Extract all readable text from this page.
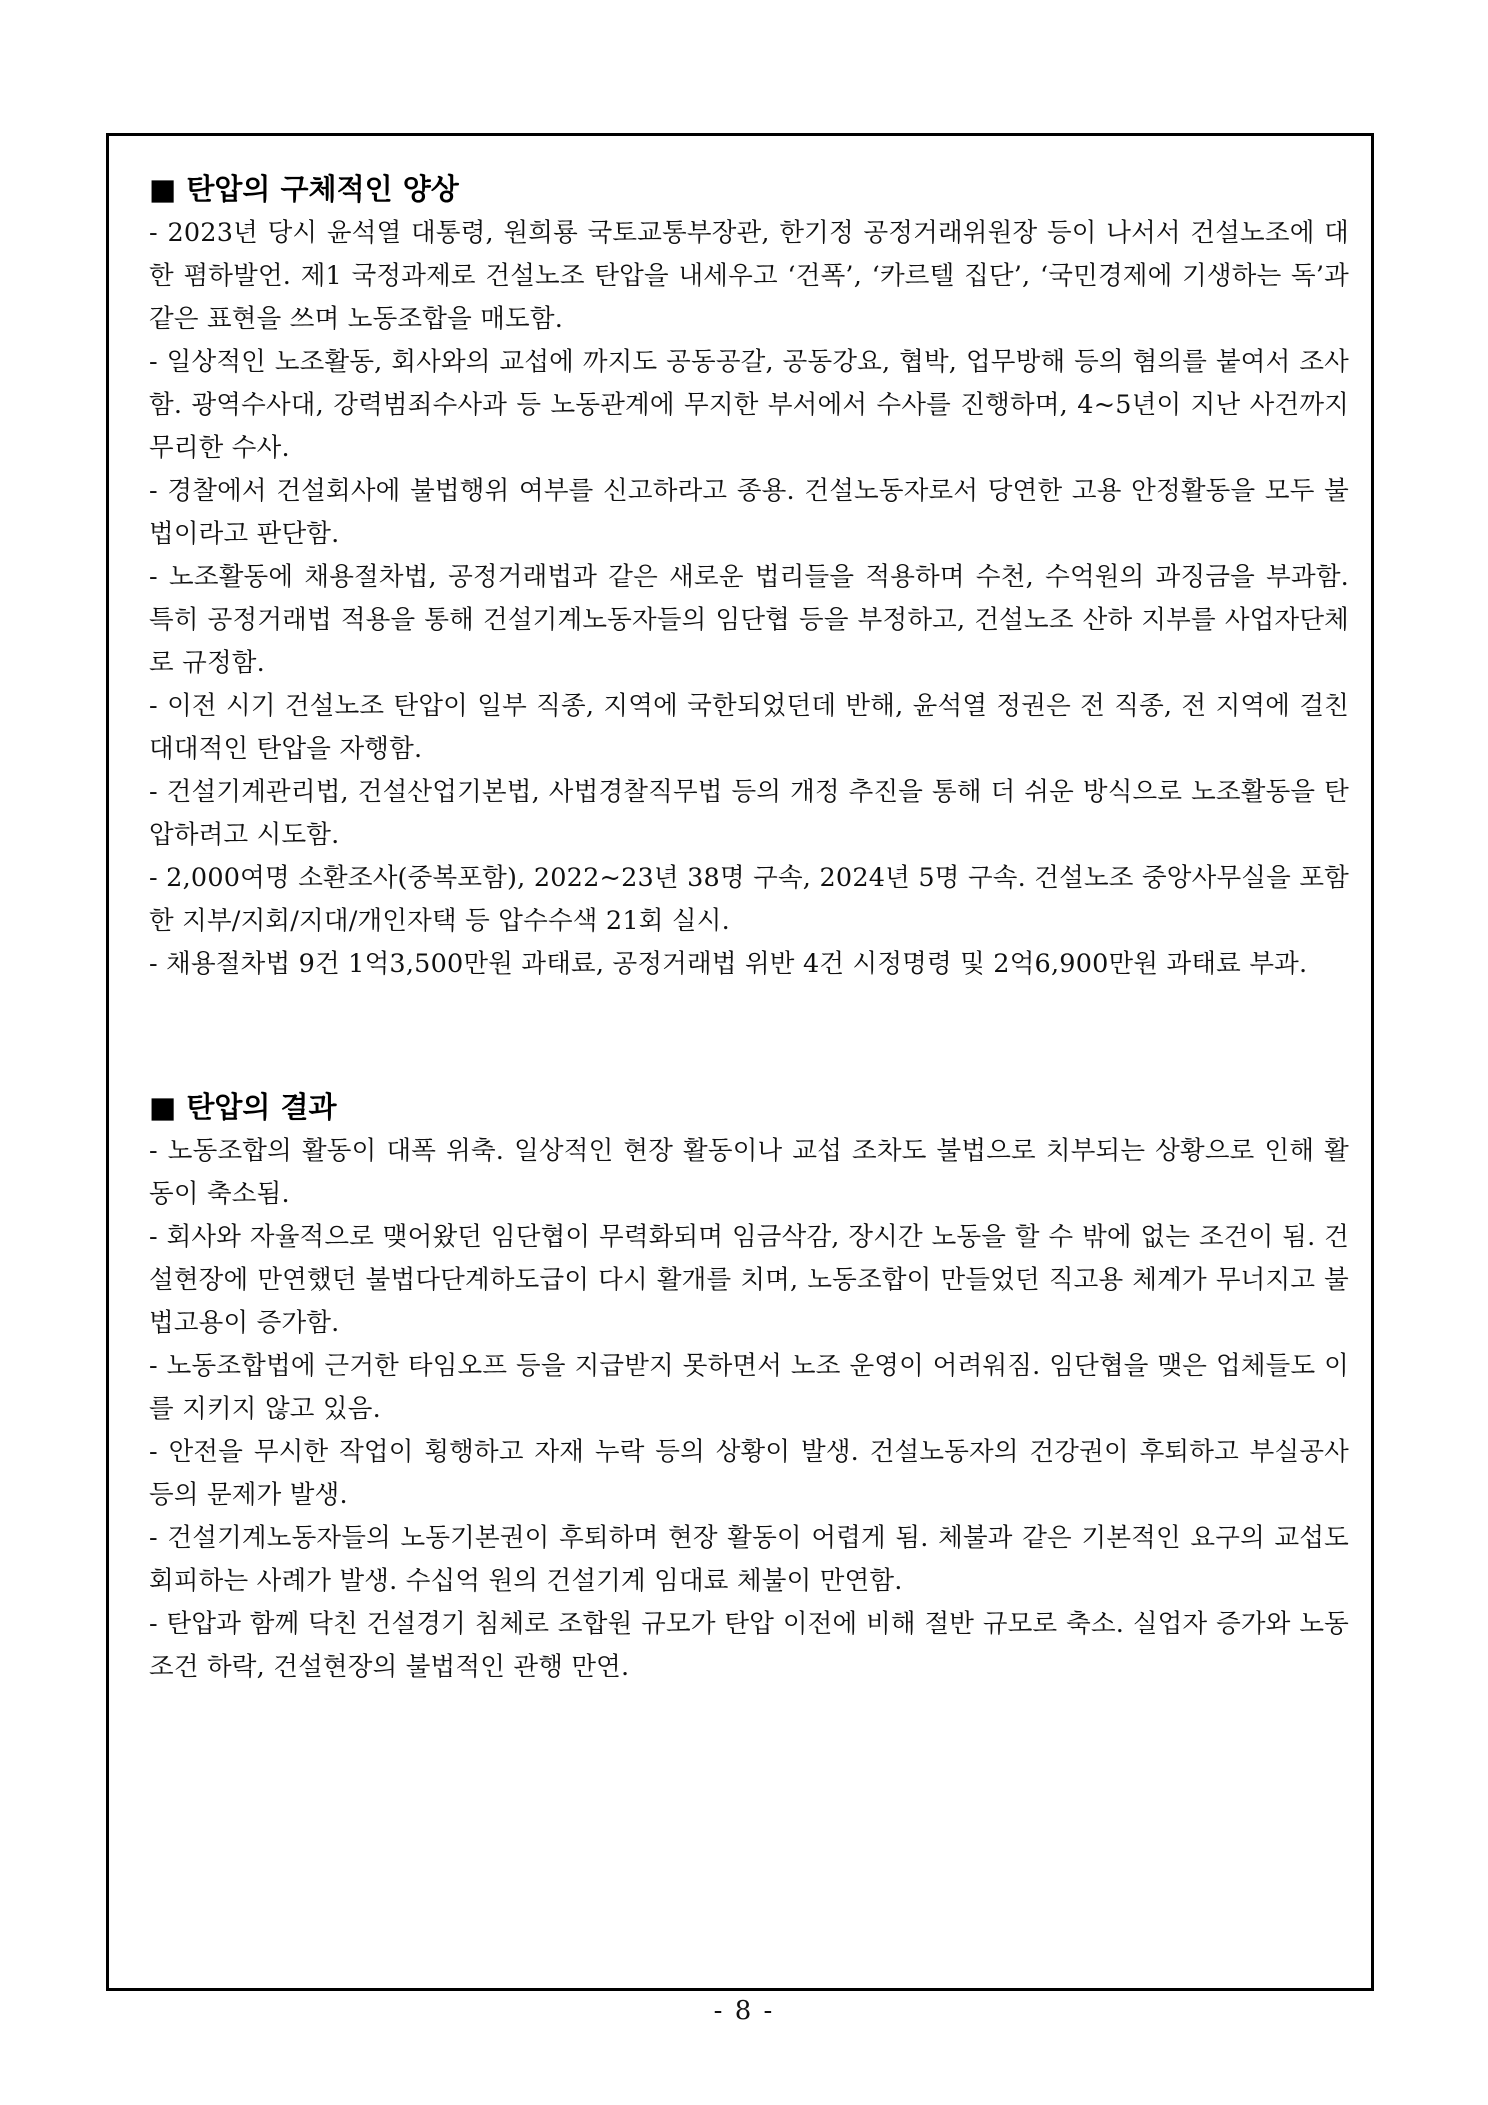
■ 탄압의 구체적인 양상

- 2023년 당시 윤석열 대통령, 원희룡 국토교통부장관, 한기정 공정거래위원장 등이 나서서 건설노조에 대한 폄하발언. 제1 국정과제로 건설노조 탄압을 내세우고 ‘건폭’, ‘카르텔 집단’, ‘국민경제에 기생하는 독’과 같은 표현을 쓰며 노동조합을 매도함.

- 일상적인 노조활동, 회사와의 교섭에 까지도 공동공갈, 공동강요, 협박, 업무방해 등의 혐의를 붙여서 조사함. 광역수사대, 강력범죄수사과 등 노동관계에 무지한 부서에서 수사를 진행하며, 4~5년이 지난 사건까지 무리한 수사.

- 경찰에서 건설회사에 불법행위 여부를 신고하라고 종용. 건설노동자로서 당연한 고용 안정활동을 모두 불법이라고 판단함.

- 노조활동에 채용절차법, 공정거래법과 같은 새로운 법리들을 적용하며 수천, 수억원의 과징금을 부과함. 특히 공정거래법 적용을 통해 건설기계노동자들의 임단협 등을 부정하고, 건설노조 산하 지부를 사업자단체로 규정함.

- 이전 시기 건설노조 탄압이 일부 직종, 지역에 국한되었던데 반해, 윤석열 정권은 전 직종, 전 지역에 걸친 대대적인 탄압을 자행함.

- 건설기계관리법, 건설산업기본법, 사법경찰직무법 등의 개정 추진을 통해 더 쉬운 방식으로 노조활동을 탄압하려고 시도함.

- 2,000여명 소환조사(중복포함), 2022~23년 38명 구속, 2024년 5명 구속. 건설노조 중앙사무실을 포함한 지부/지회/지대/개인자택 등 압수수색 21회 실시.

- 채용절차법 9건 1억3,500만원 과태료, 공정거래법 위반 4건 시정명령 및 2억6,900만원 과태료 부과.

■ 탄압의 결과

- 노동조합의 활동이 대폭 위축. 일상적인 현장 활동이나 교섭 조차도 불법으로 치부되는 상황으로 인해 활동이 축소됨.

- 회사와 자율적으로 맺어왔던 임단협이 무력화되며 임금삭감, 장시간 노동을 할 수 밖에 없는 조건이 됨. 건설현장에 만연했던 불법다단계하도급이 다시 활개를 치며, 노동조합이 만들었던 직고용 체계가 무너지고 불법고용이 증가함.

- 노동조합법에 근거한 타임오프 등을 지급받지 못하면서 노조 운영이 어려워짐. 임단협을 맺은 업체들도 이를 지키지 않고 있음.

- 안전을 무시한 작업이 횡행하고 자재 누락 등의 상황이 발생. 건설노동자의 건강권이 후퇴하고 부실공사 등의 문제가 발생.

- 건설기계노동자들의 노동기본권이 후퇴하며 현장 활동이 어렵게 됨. 체불과 같은 기본적인 요구의 교섭도 회피하는 사례가 발생. 수십억 원의 건설기계 임대료 체불이 만연함.

- 탄압과 함께 닥친 건설경기 침체로 조합원 규모가 탄압 이전에 비해 절반 규모로 축소. 실업자 증가와 노동조건 하락, 건설현장의 불법적인 관행 만연.

- 8 -
